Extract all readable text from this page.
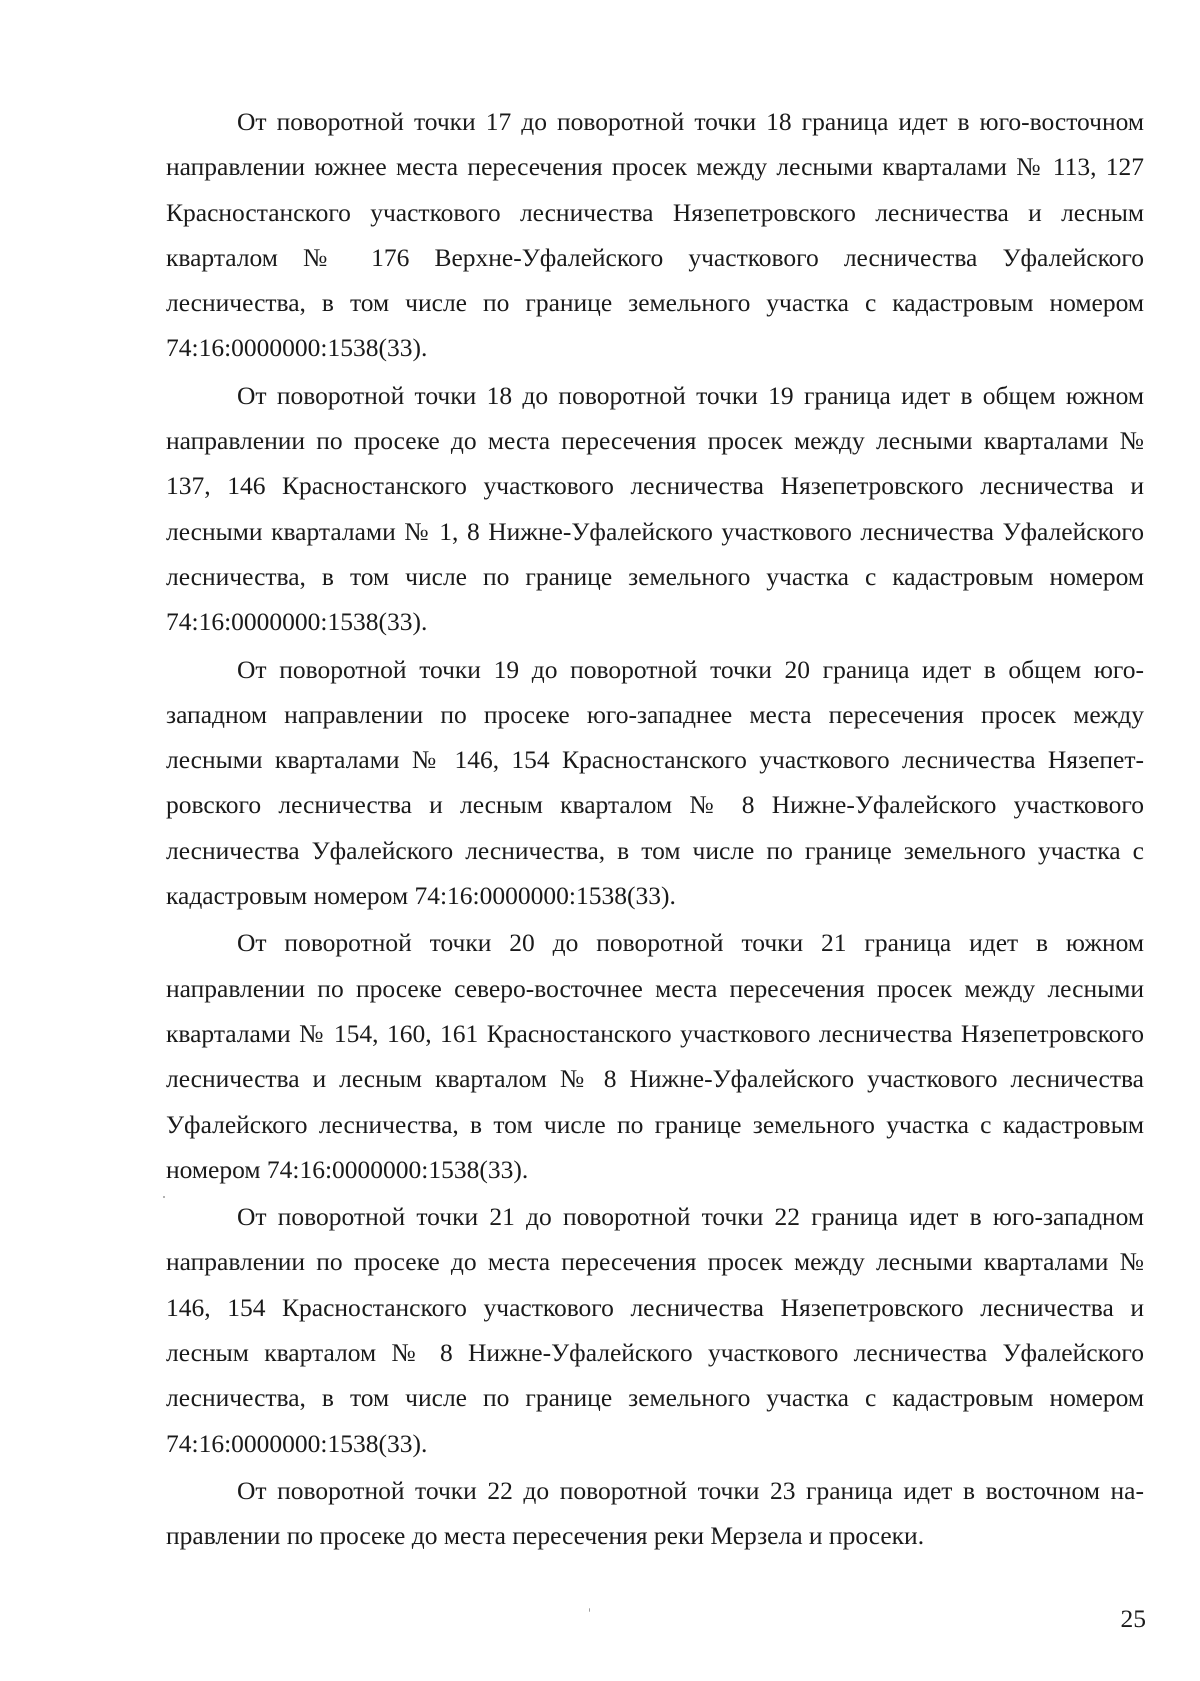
От поворотной точки 17 до поворотной точки 18 граница идет в юго-восточном направлении южнее места пересечения просек между лесными кварталами № 113, 127 Красностанского участкового лесничества Нязепетровского лесничества и лесным кварталом № 176 Верхне-Уфалейского участкового лесничества Уфалейского лесничества, в том числе по границе земельного участка с кадастровым номером 74:16:0000000:1538(33).

От поворотной точки 18 до поворотной точки 19 граница идет в общем южном направлении по просеке до места пересечения просек между лесными кварталами № 137, 146 Красностанского участкового лесничества Нязепетровского лесничества и лесными кварталами № 1, 8 Нижне-Уфалейского участкового лесничества Уфалейского лесничества, в том числе по границе земельного участка с кадастровым номером 74:16:0000000:1538(33).

От поворотной точки 19 до поворотной точки 20 граница идет в общем юго-западном направлении по просеке юго-западнее места пересечения просек между лесными кварталами № 146, 154 Красностанского участкового лесничества Нязепетровского лесничества и лесным кварталом № 8 Нижне-Уфалейского участкового лесничества Уфалейского лесничества, в том числе по границе земельного участка с кадастровым номером 74:16:0000000:1538(33).

От поворотной точки 20 до поворотной точки 21 граница идет в южном направлении по просеке северо-восточнее места пересечения просек между лесными кварталами № 154, 160, 161 Красностанского участкового лесничества Нязепетровского лесничества и лесным кварталом № 8 Нижне-Уфалейского участкового лесничества Уфалейского лесничества, в том числе по границе земельного участка с кадастровым номером 74:16:0000000:1538(33).

От поворотной точки 21 до поворотной точки 22 граница идет в юго-западном направлении по просеке до места пересечения просек между лесными кварталами № 146, 154 Красностанского участкового лесничества Нязепетровского лесничества и лесным кварталом № 8 Нижне-Уфалейского участкового лесничества Уфалейского лесничества, в том числе по границе земельного участка с кадастровым номером 74:16:0000000:1538(33).

От поворотной точки 22 до поворотной точки 23 граница идет в восточном направлении по просеке до места пересечения реки Мерзела и просеки.

25
